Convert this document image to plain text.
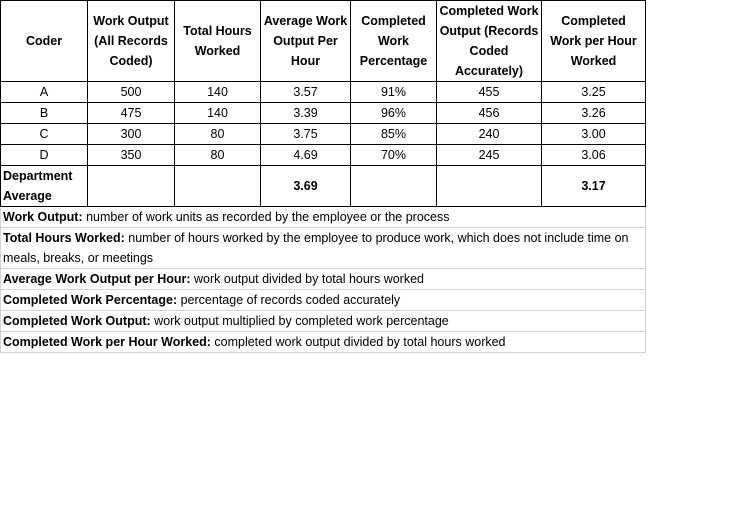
Coder	Work Output (All Records Coded)	Total Hours Worked	Average Work Output Per Hour	Completed Work Percentage	Completed Work Output (Records Coded Accurately)	Completed Work per Hour Worked
A	500	140	3.57	91%	455	3.25
B	475	140	3.39	96%	456	3.26
C	300	80	3.75	85%	240	3.00
D	350	80	4.69	70%	245	3.06
Department Average			3.69			3.17
Work Output: number of work units as recorded by the employee or the process						
Total Hours Worked: number of hours worked by the employee to produce work, which does not include time on meals, breaks, or meetings						
Average Work Output per Hour: work output divided by total hours worked						
Completed Work Percentage: percentage of records coded accurately						
Completed Work Output: work output multiplied by completed work percentage						
Completed Work per Hour Worked: completed work output divided by total hours worked						
